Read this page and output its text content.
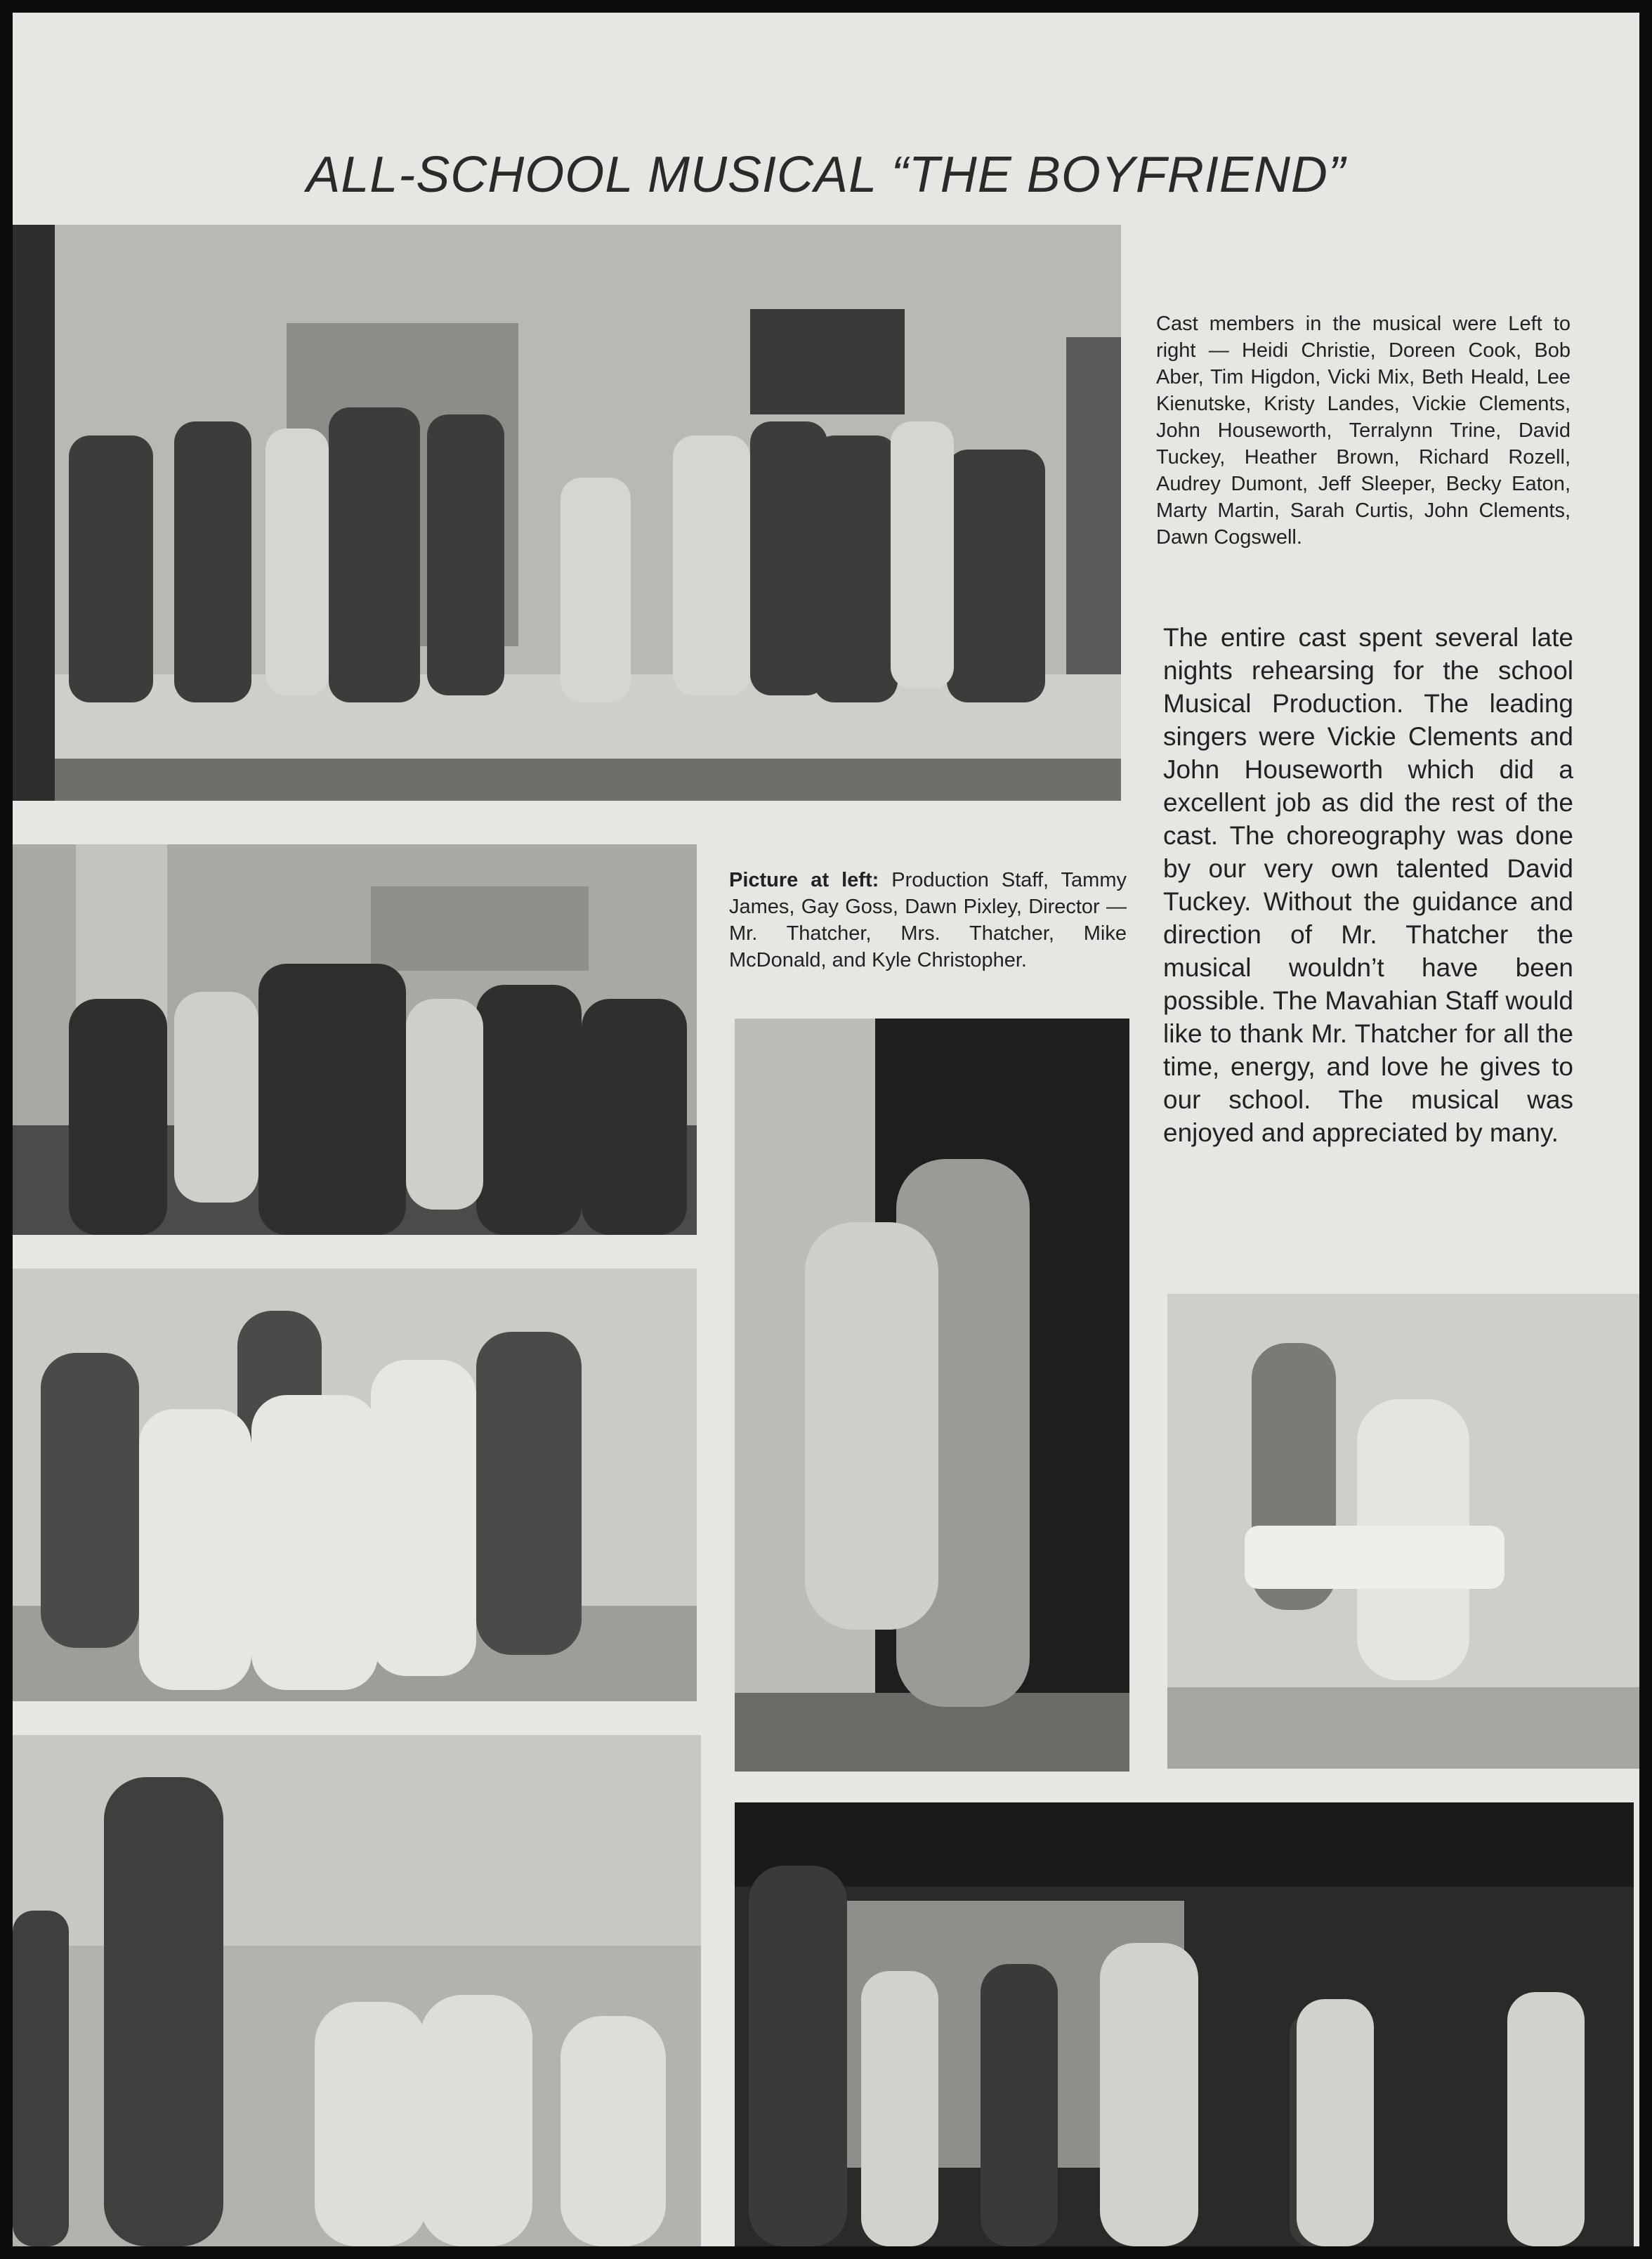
ALL-SCHOOL MUSICAL “THE BOYFRIEND”
Cast members in the musical were Left to right — Heidi Christie, Doreen Cook, Bob Aber, Tim Higdon, Vicki Mix, Beth Heald, Lee Kienutske, Kristy Landes, Vickie Clements, John Houseworth, Terralynn Trine, David Tuckey, Heather Brown, Richard Rozell, Audrey Dumont, Jeff Sleeper, Becky Eaton, Marty Martin, Sarah Curtis, John Clements, Dawn Cogswell.
The entire cast spent several late nights rehearsing for the school Musical Production. The leading singers were Vickie Clements and John Houseworth which did a excellent job as did the rest of the cast. The choreography was done by our very own talented David Tuckey. Without the guidance and direction of Mr. Thatcher the musical wouldn’t have been possible. The Mavahian Staff would like to thank Mr. Thatcher for all the time, energy, and love he gives to our school. The musical was enjoyed and appreciated by many.
Picture at left: Production Staff, Tammy James, Gay Goss, Dawn Pixley, Director — Mr. Thatcher, Mrs. Thatcher, Mike McDonald, and Kyle Christopher.
